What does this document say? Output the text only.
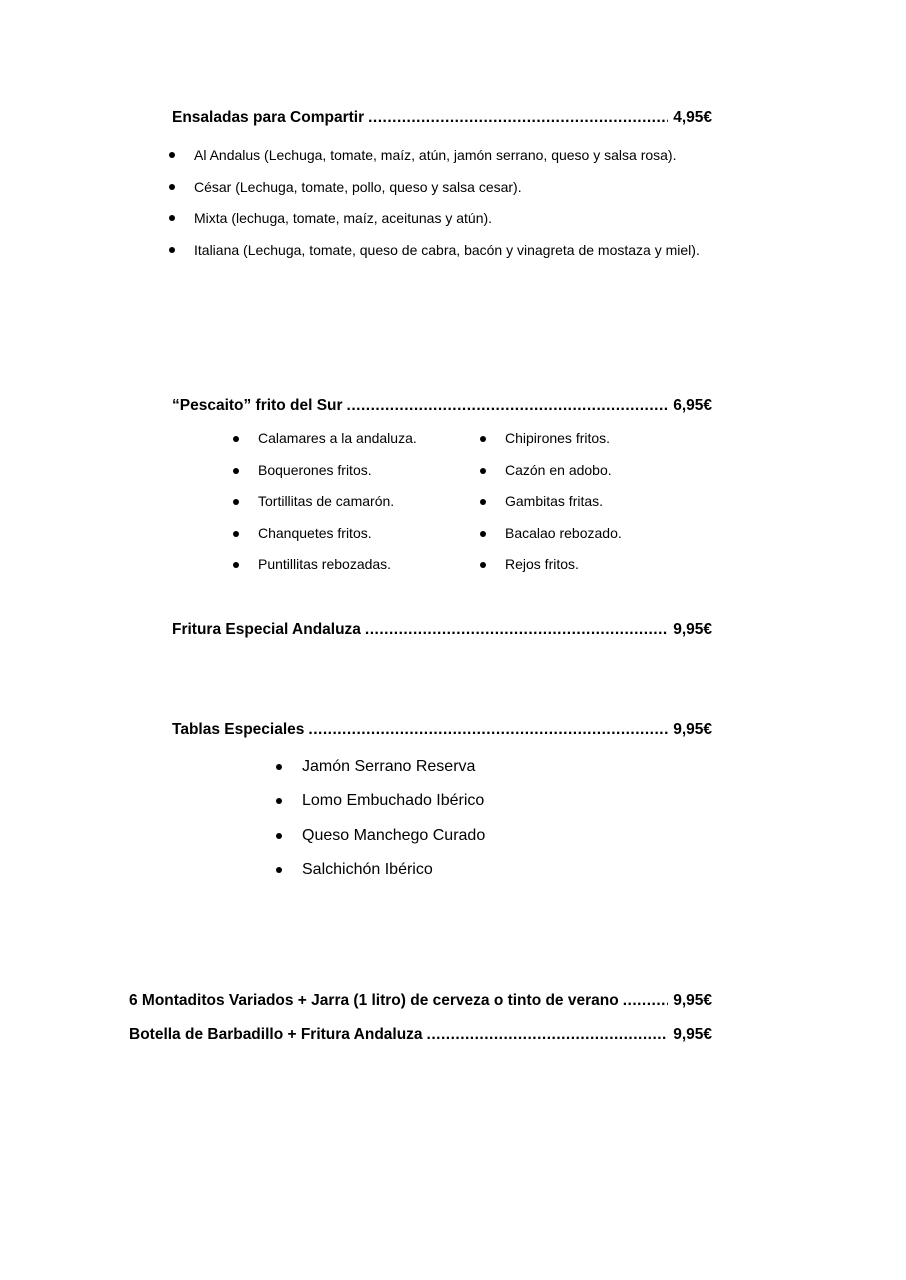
Ensaladas para Compartir .....	4,95€
Al Andalus (Lechuga, tomate, maíz, atún, jamón serrano, queso y salsa rosa).
César (Lechuga, tomate, pollo, queso y salsa cesar).
Mixta (lechuga, tomate, maíz, aceitunas y atún).
Italiana (Lechuga, tomate, queso de cabra, bacón y vinagreta de mostaza y miel).
“Pescaito” frito del Sur .....	6,95€
Calamares a la andaluza.
Boquerones fritos.
Tortillitas de camarón.
Chanquetes fritos.
Puntillitas rebozadas.
Chipirones fritos.
Cazón en adobo.
Gambitas fritas.
Bacalao rebozado.
Rejos fritos.
Fritura Especial Andaluza .....	9,95€
Tablas Especiales .....	9,95€
Jamón Serrano Reserva
Lomo Embuchado Ibérico
Queso Manchego Curado
Salchichón Ibérico
6 Montaditos Variados + Jarra (1 litro) de cerveza o tinto de verano .....	9,95€
Botella de Barbadillo + Fritura Andaluza .....	9,95€
